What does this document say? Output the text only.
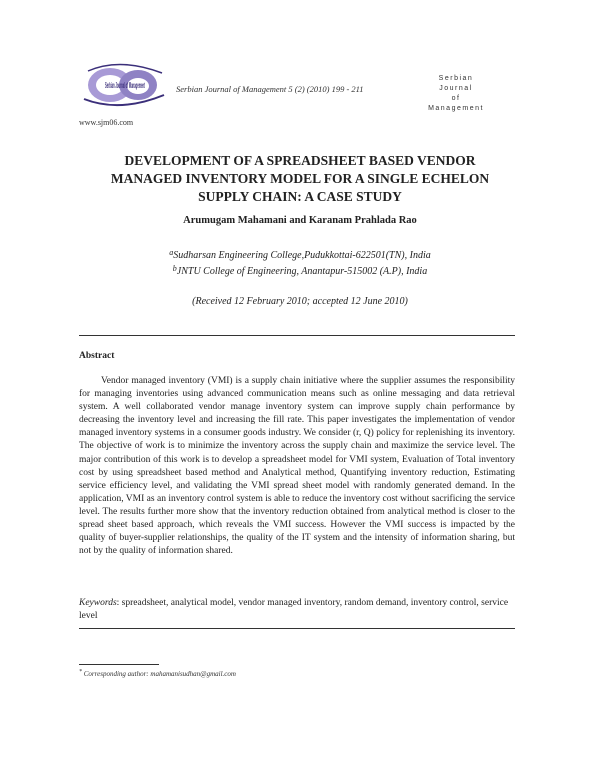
Serbian Journal of Management
www.sjm06.com
Serbian Journal of Management 5 (2) (2010) 199 - 211
Serbian
Journal
of
Management
DEVELOPMENT OF A SPREADSHEET BASED VENDOR
MANAGED INVENTORY MODEL FOR A SINGLE ECHELON
SUPPLY CHAIN: A CASE STUDY
Arumugam Mahamani and Karanam Prahlada Rao
$^a$Sudharsan Engineering College,Pudukkottai-622501(TN), India
$^b$JNTU College of Engineering, Anantapur-515002 (A.P), India
(Received 12 February 2010; accepted 12 June 2010)
Abstract
Vendor managed inventory (VMI) is a supply chain initiative where the supplier assumes the responsibility for managing inventories using advanced communication means such as online messaging and data retrieval system. A well collaborated vendor manage inventory system can improve supply chain performance by decreasing the inventory level and increasing the fill rate. This paper investigates the implementation of vendor managed inventory systems in a consumer goods industry. We consider (r, Q) policy for replenishing its inventory. The objective of work is to minimize the inventory across the supply chain and maximize the service level. The major contribution of this work is to develop a spreadsheet model for VMI system, Evaluation of Total inventory cost by using spreadsheet based method and Analytical method, Quantifying inventory reduction, Estimating service efficiency level, and validating the VMI spread sheet model with randomly generated demand. In the application, VMI as an inventory control system is able to reduce the inventory cost without sacrificing the service level. The results further more show that the inventory reduction obtained from analytical method is closer to the spread sheet based approach, which reveals the VMI success. However the VMI success is impacted by the quality of buyer-supplier relationships, the quality of the IT system and the intensity of information sharing, but not by the quality of information shared.
Keywords: spreadsheet, analytical model, vendor managed inventory, random demand, inventory control, service level
* Corresponding author: mahamanisudhan@gmail.com
